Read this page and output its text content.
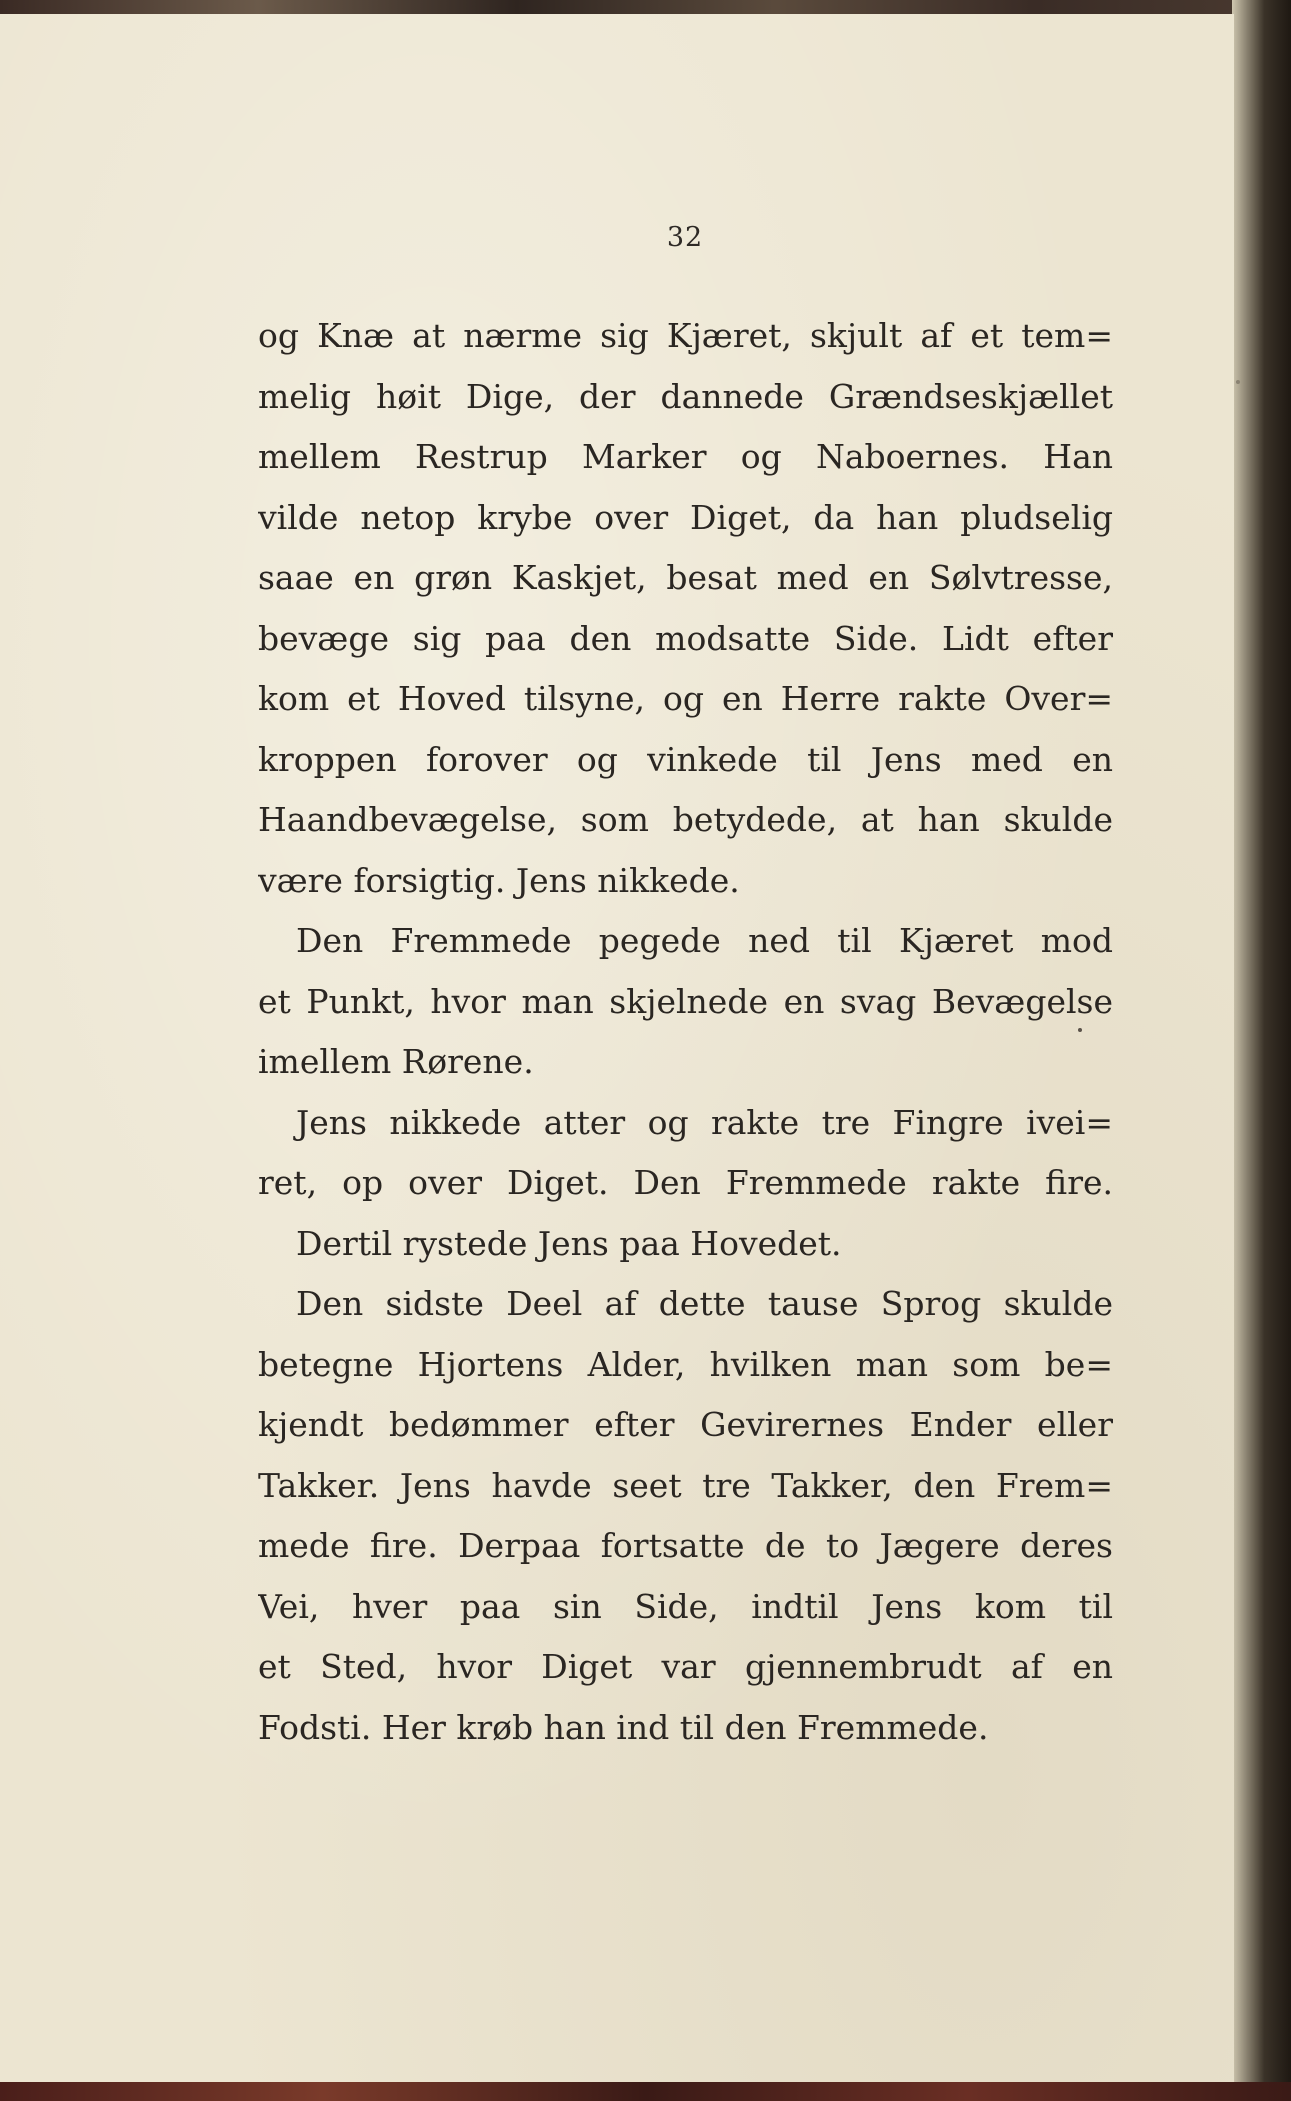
32
og Knæ at nærme sig Kjæret, skjult af et tem=
melig høit Dige, der dannede Grændseskjællet
mellem Restrup Marker og Naboernes. Han
vilde netop krybe over Diget, da han pludselig
saae en grøn Kaskjet, besat med en Sølvtresse,
bevæge sig paa den modsatte Side. Lidt efter
kom et Hoved tilsyne, og en Herre rakte Over=
kroppen forover og vinkede til Jens med en
Haandbevægelse, som betydede, at han skulde
være forsigtig. Jens nikkede.
Den Fremmede pegede ned til Kjæret mod
et Punkt, hvor man skjelnede en svag Bevægelse
imellem Rørene.
Jens nikkede atter og rakte tre Fingre ivei=
ret, op over Diget. Den Fremmede rakte fire.
Dertil rystede Jens paa Hovedet.
Den sidste Deel af dette tause Sprog skulde
betegne Hjortens Alder, hvilken man som be=
kjendt bedømmer efter Gevirernes Ender eller
Takker. Jens havde seet tre Takker, den Frem=
mede fire. Derpaa fortsatte de to Jægere deres
Vei, hver paa sin Side, indtil Jens kom til
et Sted, hvor Diget var gjennembrudt af en
Fodsti. Her krøb han ind til den Fremmede.
